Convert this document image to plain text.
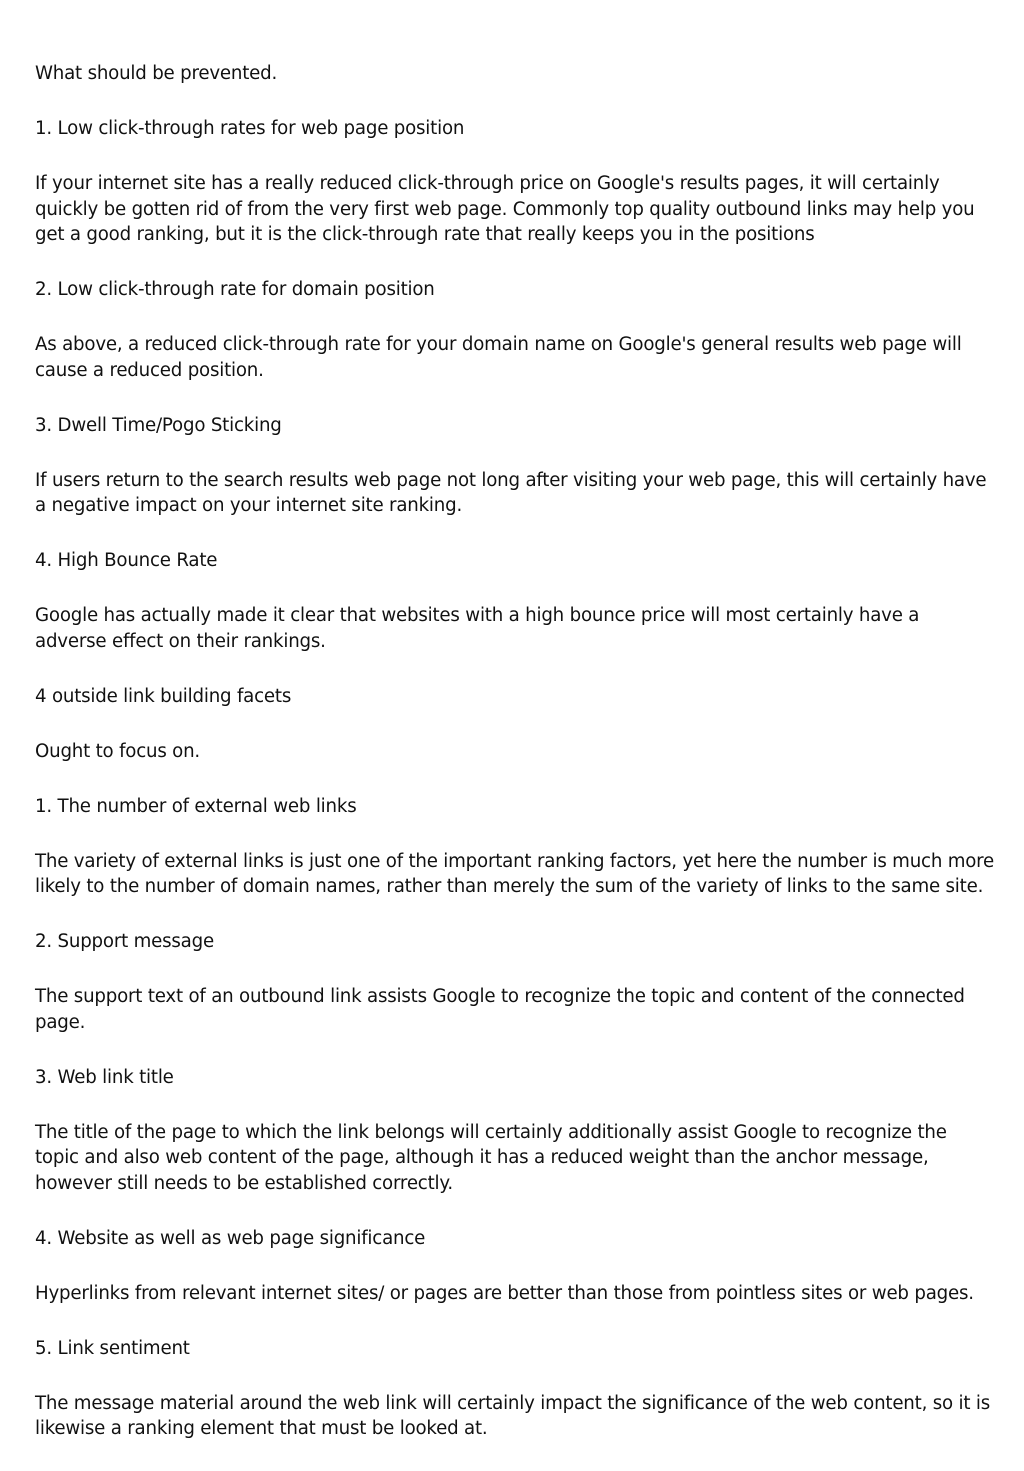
What should be prevented.

1. Low click-through rates for web page position

If your internet site has a really reduced click-through price on Google's results pages, it will certainly quickly be gotten rid of from the very first web page. Commonly top quality outbound links may help you get a good ranking, but it is the click-through rate that really keeps you in the positions

2. Low click-through rate for domain position

As above, a reduced click-through rate for your domain name on Google's general results web page will cause a reduced position.

3. Dwell Time/Pogo Sticking

If users return to the search results web page not long after visiting your web page, this will certainly have a negative impact on your internet site ranking.

4. High Bounce Rate

Google has actually made it clear that websites with a high bounce price will most certainly have a adverse effect on their rankings.

4 outside link building facets

Ought to focus on.

1. The number of external web links

The variety of external links is just one of the important ranking factors, yet here the number is much more likely to the number of domain names, rather than merely the sum of the variety of links to the same site.

2. Support message

The support text of an outbound link assists Google to recognize the topic and content of the connected page.

3. Web link title

The title of the page to which the link belongs will certainly additionally assist Google to recognize the topic and also web content of the page, although it has a reduced weight than the anchor message, however still needs to be established correctly.

4. Website as well as web page significance

Hyperlinks from relevant internet sites/ or pages are better than those from pointless sites or web pages.

5. Link sentiment

The message material around the web link will certainly impact the significance of the web content, so it is likewise a ranking element that must be looked at.
